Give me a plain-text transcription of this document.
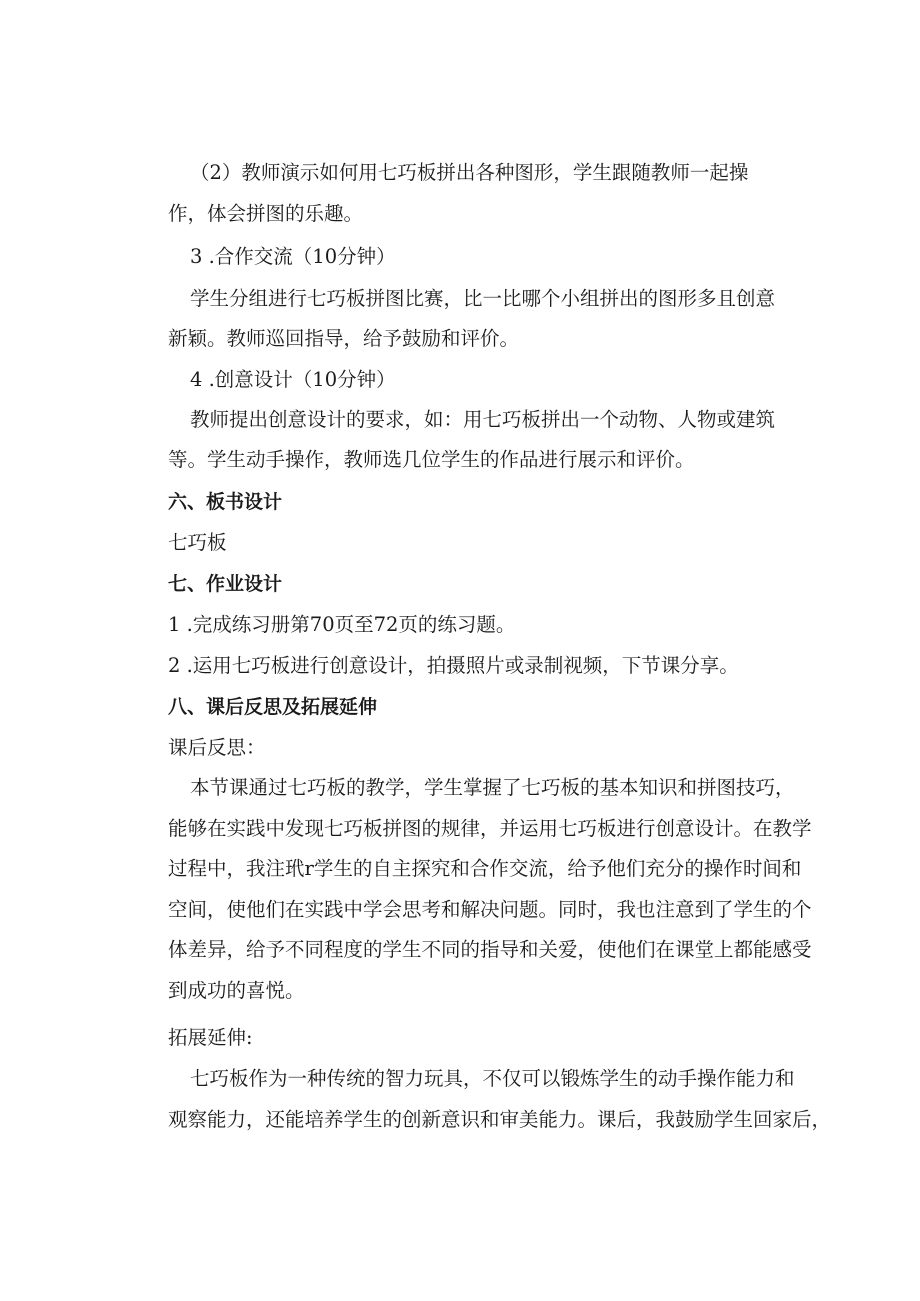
（2）教师演示如何用七巧板拼出各种图形，学生跟随教师一起操
作，体会拼图的乐趣。
3 .合作交流（10分钟）
学生分组进行七巧板拼图比赛，比一比哪个小组拼出的图形多且创意
新颖。教师巡回指导，给予鼓励和评价。
4 .创意设计（10分钟）
教师提出创意设计的要求，如：用七巧板拼出一个动物、人物或建筑
等。学生动手操作，教师选几位学生的作品进行展示和评价。
六、板书设计
七巧板
七、作业设计
1 .完成练习册第70页至72页的练习题。
2 .运用七巧板进行创意设计，拍摄照片或录制视频，下节课分享。
八、课后反思及拓展延伸
课后反思：
本节课通过七巧板的教学，学生掌握了七巧板的基本知识和拼图技巧，
能够在实践中发现七巧板拼图的规律，并运用七巧板进行创意设计。在教学
过程中，我注玳r学生的自主探究和合作交流，给予他们充分的操作时间和
空间，使他们在实践中学会思考和解决问题。同时，我也注意到了学生的个
体差异，给予不同程度的学生不同的指导和关爱，使他们在课堂上都能感受
到成功的喜悦。
拓展延伸:
七巧板作为一种传统的智力玩具，不仅可以锻炼学生的动手操作能力和
观察能力，还能培养学生的创新意识和审美能力。课后，我鼓励学生回家后，
